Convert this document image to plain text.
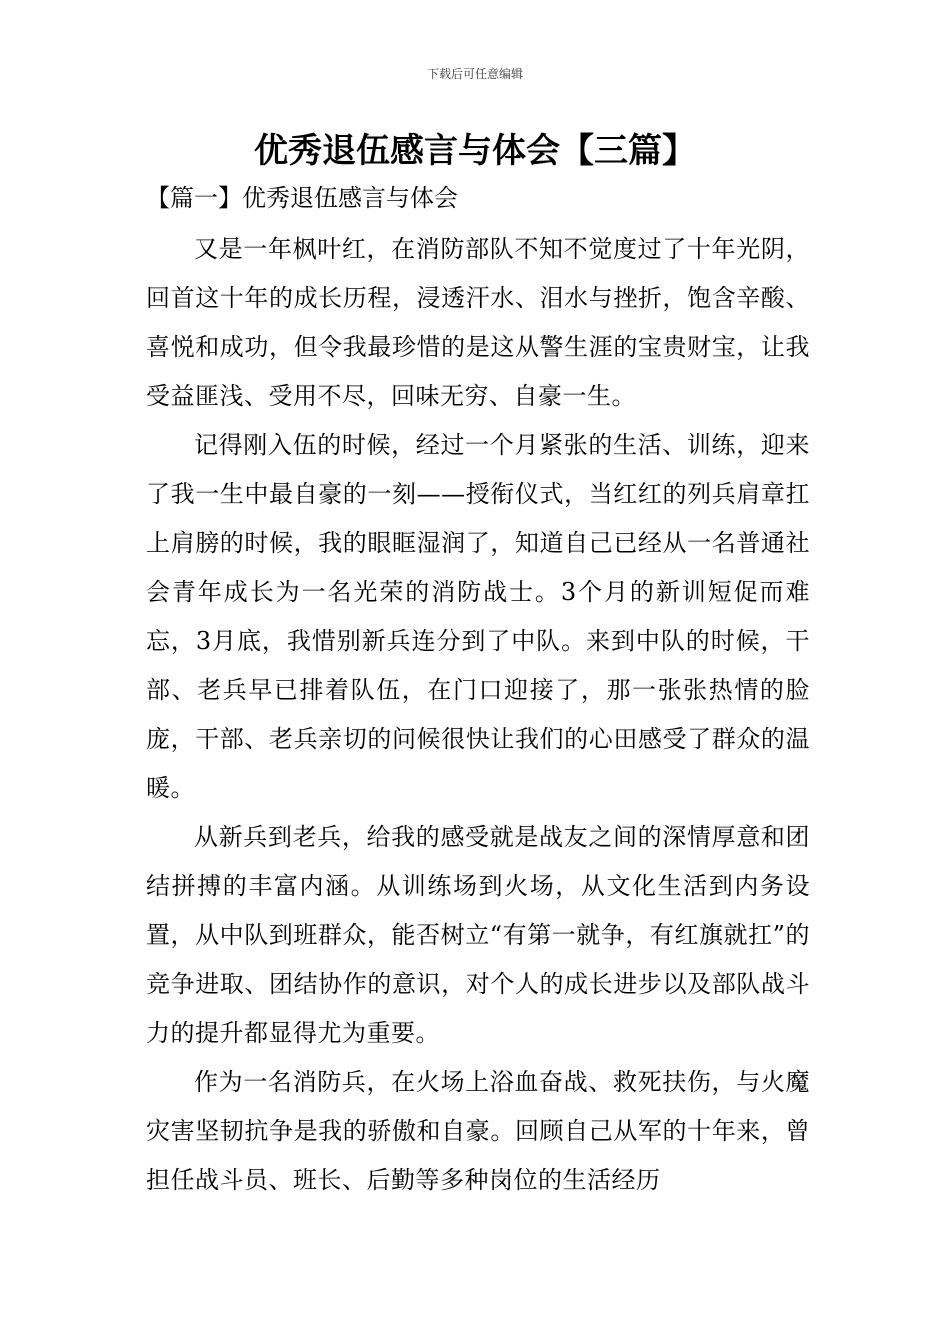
下载后可任意编辑
优秀退伍感言与体会【三篇】
【篇一】优秀退伍感言与体会

又是一年枫叶红，在消防部队不知不觉度过了十年光阴，回首这十年的成长历程，浸透汗水、泪水与挫折，饱含辛酸、喜悦和成功，但令我最珍惜的是这从警生涯的宝贵财宝，让我受益匪浅、受用不尽，回味无穷、自豪一生。

记得刚入伍的时候，经过一个月紧张的生活、训练，迎来了我一生中最自豪的一刻——授衔仪式，当红红的列兵肩章扛上肩膀的时候，我的眼眶湿润了，知道自己已经从一名普通社会青年成长为一名光荣的消防战士。3个月的新训短促而难忘，3月底，我惜别新兵连分到了中队。来到中队的时候，干部、老兵早已排着队伍，在门口迎接了，那一张张热情的脸庞，干部、老兵亲切的问候很快让我们的心田感受了群众的温暖。

从新兵到老兵，给我的感受就是战友之间的深情厚意和团结拼搏的丰富内涵。从训练场到火场，从文化生活到内务设置，从中队到班群众，能否树立“有第一就争，有红旗就扛”的竞争进取、团结协作的意识，对个人的成长进步以及部队战斗力的提升都显得尤为重要。

作为一名消防兵，在火场上浴血奋战、救死扶伤，与火魔灾害坚韧抗争是我的骄傲和自豪。回顾自己从军的十年来，曾担任战斗员、班长、后勤等多种岗位的生活经历
